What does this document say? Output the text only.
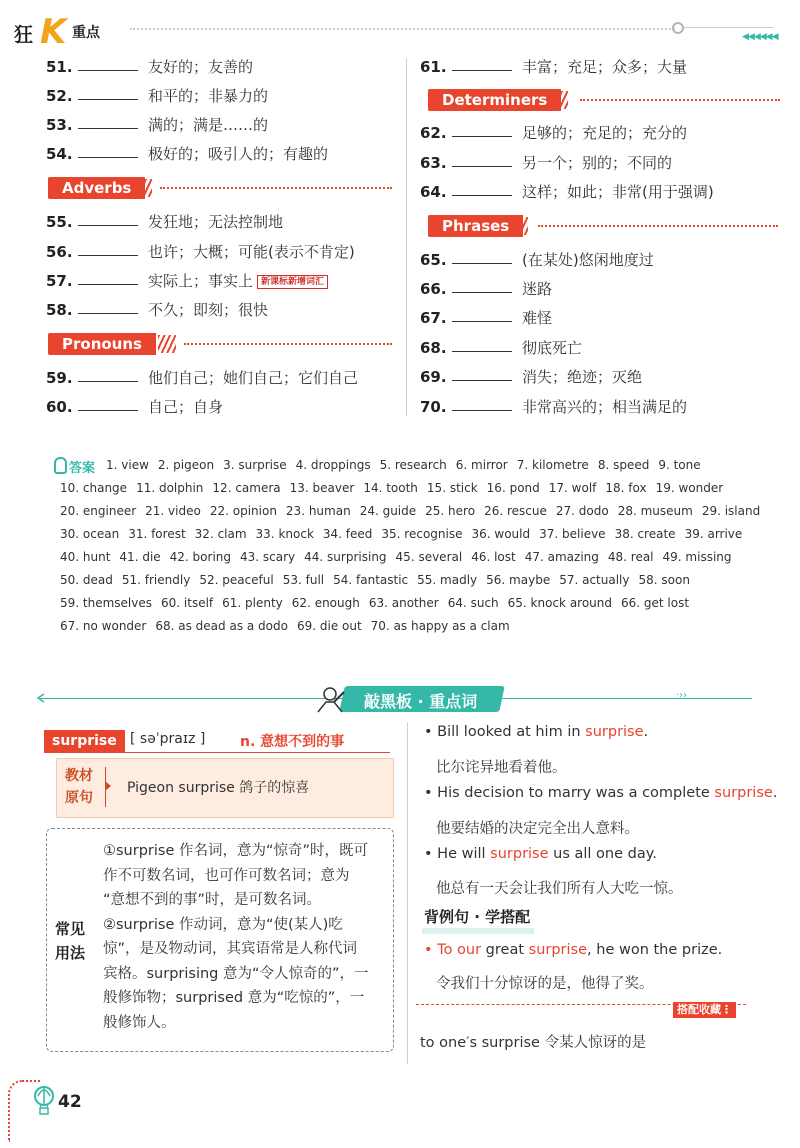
狂 K 重点	◀◀◀◀◀◀
51.	友好的；友善的
52.	和平的；非暴力的
53.	满的；满是……的
54.	极好的；吸引人的；有趣的
Adverbs
55.	发狂地；无法控制地
56.	也许；大概；可能(表示不肯定)
57.	实际上；事实上 新课标新增词汇
58.	不久；即刻；很快
Pronouns
59.	他们自己；她们自己；它们自己
60.	自己；自身
61.	丰富；充足；众多；大量
Determiners
62.	足够的；充足的；充分的
63.	另一个；别的；不同的
64.	这样；如此；非常(用于强调)
Phrases
65.	(在某处)悠闲地度过
66.	迷路
67.	难怪
68.	彻底死亡
69.	消失；绝迹；灭绝
70.	非常高兴的；相当满足的
答案 1. view 2. pigeon 3. surprise 4. droppings 5. research 6. mirror 7. kilometre 8. speed 9. tone
10. change 11. dolphin 12. camera 13. beaver 14. tooth 15. stick 16. pond 17. wolf 18. fox 19. wonder
20. engineer 21. video 22. opinion 23. human 24. guide 25. hero 26. rescue 27. dodo 28. museum 29. island
30. ocean 31. forest 32. clam 33. knock 34. feed 35. recognise 36. would 37. believe 38. create 39. arrive
40. hunt 41. die 42. boring 43. scary 44. surprising 45. several 46. lost 47. amazing 48. real 49. missing
50. dead 51. friendly 52. peaceful 53. full 54. fantastic 55. madly 56. maybe 57. actually 58. soon
59. themselves 60. itself 61. plenty 62. enough 63. another 64. such 65. knock around 66. get lost
67. no wonder 68. as dead as a dodo 69. die out 70. as happy as a clam
敲黑板 · 重点词	·››
surprise [ səˈpraɪz ] n. 意想不到的事
教材
原句
Pigeon surprise 鸽子的惊喜
常见
用法
①surprise 作名词，意为“惊奇”时，既可
作不可数名词，也可作可数名词；意为
“意想不到的事”时，是可数名词。
②surprise 作动词，意为“使(某人)吃
惊”，是及物动词，其宾语常是人称代词
宾格。surprising 意为“令人惊奇的”，一
般修饰物；surprised 意为“吃惊的”，一
般修饰人。
• Bill looked at him in surprise.
比尔诧异地看着他。
• His decision to marry was a complete surprise.
他要结婚的决定完全出人意料。
• He will surprise us all one day.
他总有一天会让我们所有人大吃一惊。
背例句 · 学搭配
• To our great surprise, he won the prize.
令我们十分惊讶的是，他得了奖。
搭配收藏⋮
to one′s surprise 令某人惊讶的是
42
